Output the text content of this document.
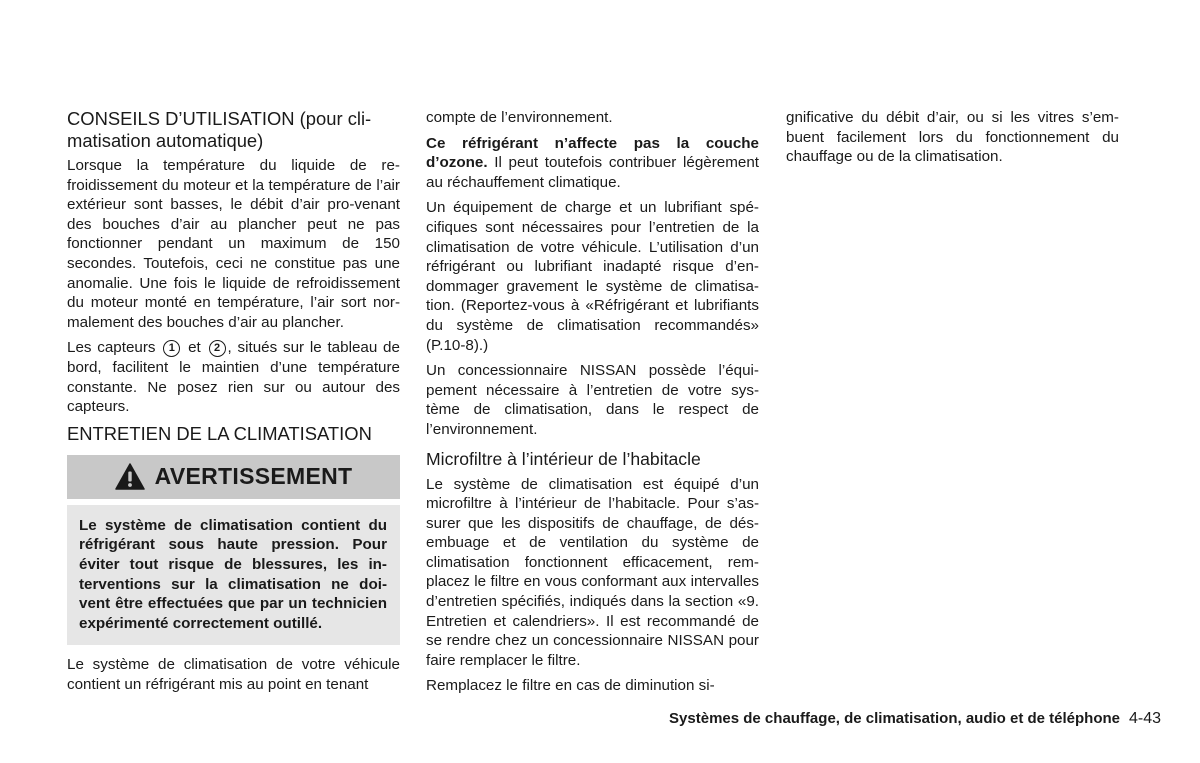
CONSEILS D’UTILISATION (pour cli-matisation automatique)

Lorsque la température du liquide de re-froidissement du moteur et la température de l’air extérieur sont basses, le débit d’air pro-venant des bouches d’air au plancher peut ne pas fonctionner pendant un maximum de 150 secondes. Toutefois, ceci ne constitue pas une anomalie. Une fois le liquide de refroidissement du moteur monté en température, l’air sort nor-malement des bouches d’air au plancher.

Les capteurs 1 et 2 , situés sur le tableau de bord, facilitent le maintien d’une température constante. Ne posez rien sur ou autour des capteurs.

ENTRETIEN DE LA CLIMATISATION
AVERTISSEMENT

Le système de climatisation contient du réfrigérant sous haute pression. Pour éviter tout risque de blessures, les in-terventions sur la climatisation ne doi-vent être effectuées que par un technicien expérimenté correctement outillé.

Le système de climatisation de votre véhicule contient un réfrigérant mis au point en tenant

compte de l’environnement.

Ce réfrigérant n’affecte pas la couche d’ozone. Il peut toutefois contribuer légèrement au réchauffement climatique.

Un équipement de charge et un lubrifiant spé-cifiques sont nécessaires pour l’entretien de la climatisation de votre véhicule. L’utilisation d’un réfrigérant ou lubrifiant inadapté risque d’en-dommager gravement le système de climatisa-tion. (Reportez-vous à «Réfrigérant et lubrifiants du système de climatisation recommandés» (P.10-8).)

Un concessionnaire NISSAN possède l’équi-pement nécessaire à l’entretien de votre sys-tème de climatisation, dans le respect de l’environnement.

Microfiltre à l’intérieur de l’habitacle

Le système de climatisation est équipé d’un microfiltre à l’intérieur de l’habitacle. Pour s’as-surer que les dispositifs de chauffage, de dés-embuage et de ventilation du système de climatisation fonctionnent efficacement, rem-placez le filtre en vous conformant aux intervalles d’entretien spécifiés, indiqués dans la section «9. Entretien et calendriers». Il est recommandé de se rendre chez un concessionnaire NISSAN pour faire remplacer le filtre.

Remplacez le filtre en cas de diminution si-

gnificative du débit d’air, ou si les vitres s’em-buent facilement lors du fonctionnement du chauffage ou de la climatisation.

Systèmes de chauffage, de climatisation, audio et de téléphone 4-43
